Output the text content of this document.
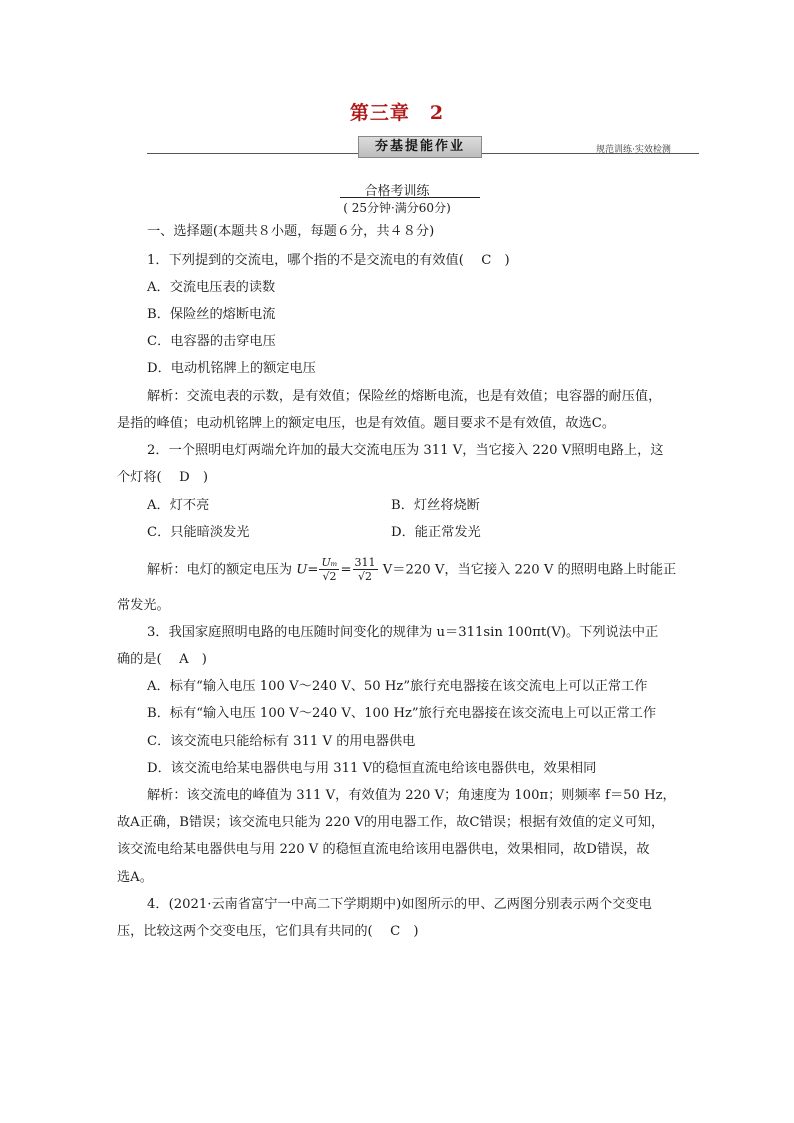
第三章　2
夯基提能作业	规范训练·实效检测
合格考训练
( 25分钟·满分60分)
一、选择题(本题共８小题，每题６分，共４８分)
1．下列提到的交流电，哪个指的不是交流电的有效值( 　C　)
A．交流电压表的读数
B．保险丝的熔断电流
C．电容器的击穿电压
D．电动机铭牌上的额定电压
解析：交流电表的示数，是有效值；保险丝的熔断电流，也是有效值；电容器的耐压值，
是指的峰值；电动机铭牌上的额定电压，也是有效值。题目要求不是有效值，故选C。
2．一个照明电灯两端允许加的最大交流电压为 311 V，当它接入 220 V照明电路上，这
个灯将( 　D　)
A．灯不亮	B．灯丝将烧断
C．只能暗淡发光	D．能正常发光
解析：电灯的额定电压为 $U= \frac{\text{Uₘ}}{√2} = \frac{311}{√2} V=220$ V，当它接入 220 V 的照明电路上时能正
常发光。
3．我国家庭照明电路的电压随时间变化的规律为 u＝311sin 100πt(V)。下列说法中正
确的是( 　A　)
A．标有“输入电压 100 V～240 V、50 Hz”旅行充电器接在该交流电上可以正常工作
B．标有“输入电压 100 V～240 V、100 Hz”旅行充电器接在该交流电上可以正常工作
C．该交流电只能给标有 311 V 的用电器供电
D．该交流电给某电器供电与用 311 V的稳恒直流电给该电器供电，效果相同
解析：该交流电的峰值为 311 V，有效值为 220 V；角速度为 100π；则频率 f＝50 Hz，
故A正确，B错误；该交流电只能为 220 V的用电器工作，故C错误；根据有效值的定义可知，
该交流电给某电器供电与用 220 V 的稳恒直流电给该用电器供电，效果相同，故D错误，故
选A。
4．(2021·云南省富宁一中高二下学期期中)如图所示的甲、乙两图分别表示两个交变电
压，比较这两个交变电压，它们具有共同的( 　C　)
